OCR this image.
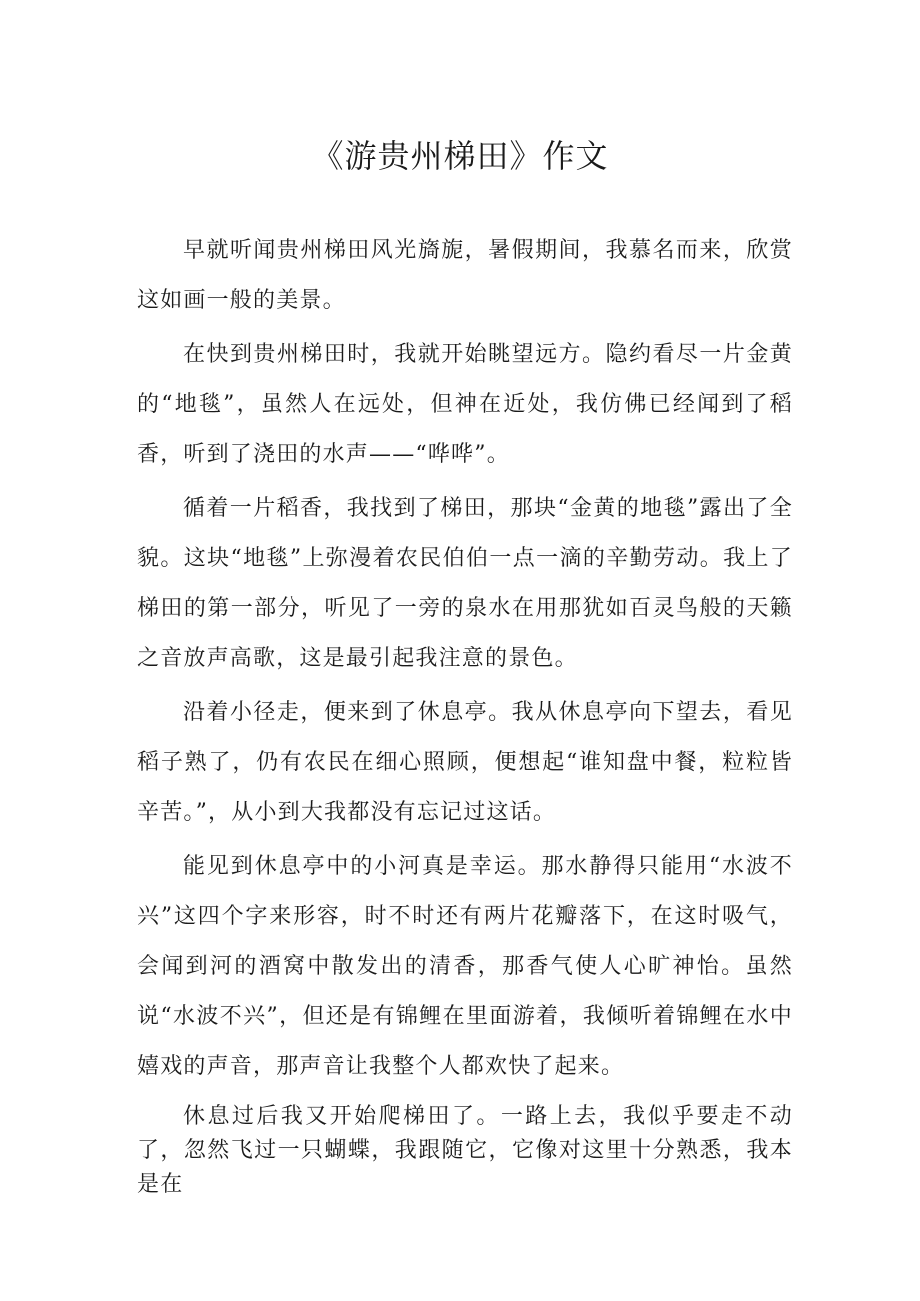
《游贵州梯田》作文

早就听闻贵州梯田风光旖旎，暑假期间，我慕名而来，欣赏这如画一般的美景。

在快到贵州梯田时，我就开始眺望远方。隐约看尽一片金黄的“地毯”，虽然人在远处，但神在近处，我仿佛已经闻到了稻香，听到了浇田的水声——“哗哗”。

循着一片稻香，我找到了梯田，那块“金黄的地毯”露出了全貌。这块“地毯”上弥漫着农民伯伯一点一滴的辛勤劳动。我上了梯田的第一部分，听见了一旁的泉水在用那犹如百灵鸟般的天籁之音放声高歌，这是最引起我注意的景色。

沿着小径走，便来到了休息亭。我从休息亭向下望去，看见稻子熟了，仍有农民在细心照顾，便想起“谁知盘中餐，粒粒皆辛苦。”，从小到大我都没有忘记过这话。

能见到休息亭中的小河真是幸运。那水静得只能用“水波不兴”这四个字来形容，时不时还有两片花瓣落下，在这时吸气，会闻到河的酒窝中散发出的清香，那香气使人心旷神怡。虽然说“水波不兴”，但还是有锦鲤在里面游着，我倾听着锦鲤在水中嬉戏的声音，那声音让我整个人都欢快了起来。

休息过后我又开始爬梯田了。一路上去，我似乎要走不动了，忽然飞过一只蝴蝶，我跟随它，它像对这里十分熟悉，我本是在
